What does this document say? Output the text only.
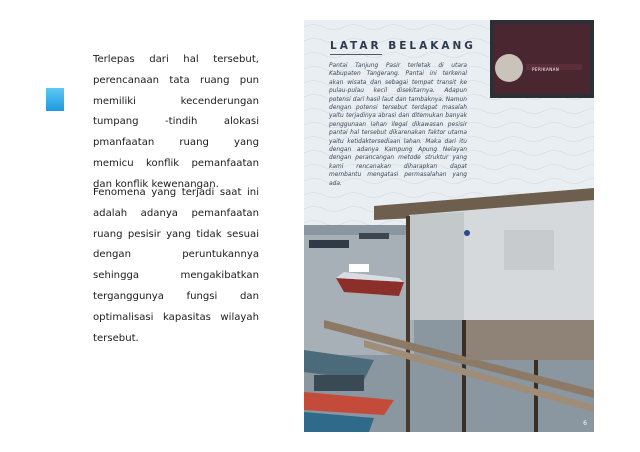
Terlepas dari hal tersebut, perencanaan tata ruang pun memiliki kecenderungan tumpang -tindih alokasi pmanfaatan ruang yang memicu konflik pemanfaatan dan konflik kewenangan.

Fenomena yang terjadi saat ini adalah adanya pemanfaatan ruang pesisir yang tidak sesuai dengan peruntukannya sehingga mengakibatkan terganggunya fungsi dan optimalisasi kapasitas wilayah tersebut.

LATAR BELAKANG

Pantai Tanjung Pasir terletak di utara Kabupaten Tangerang. Pantai ini terkenal akan wisata dan sebagai tempat transit ke pulau-pulau kecil disekitarnya. Adapun potensi dari hasil laut dan tambaknya. Namun dengan potensi tersebut terdapat masalah yaitu terjadinya abrasi dan ditemukan banyak penggunaan lahan ilegal dikawasan pesisir pantai hal tersebut dikarenakan faktor utama yaitu ketidaktersediaan lahan. Maka dari itu dengan adanya Kampung Apung Nelayan dengan perancangan metode struktur yang kami rencanakan diharapkan dapat membantu mengatasi permasalahan yang ada.

PERIKANAN
6
